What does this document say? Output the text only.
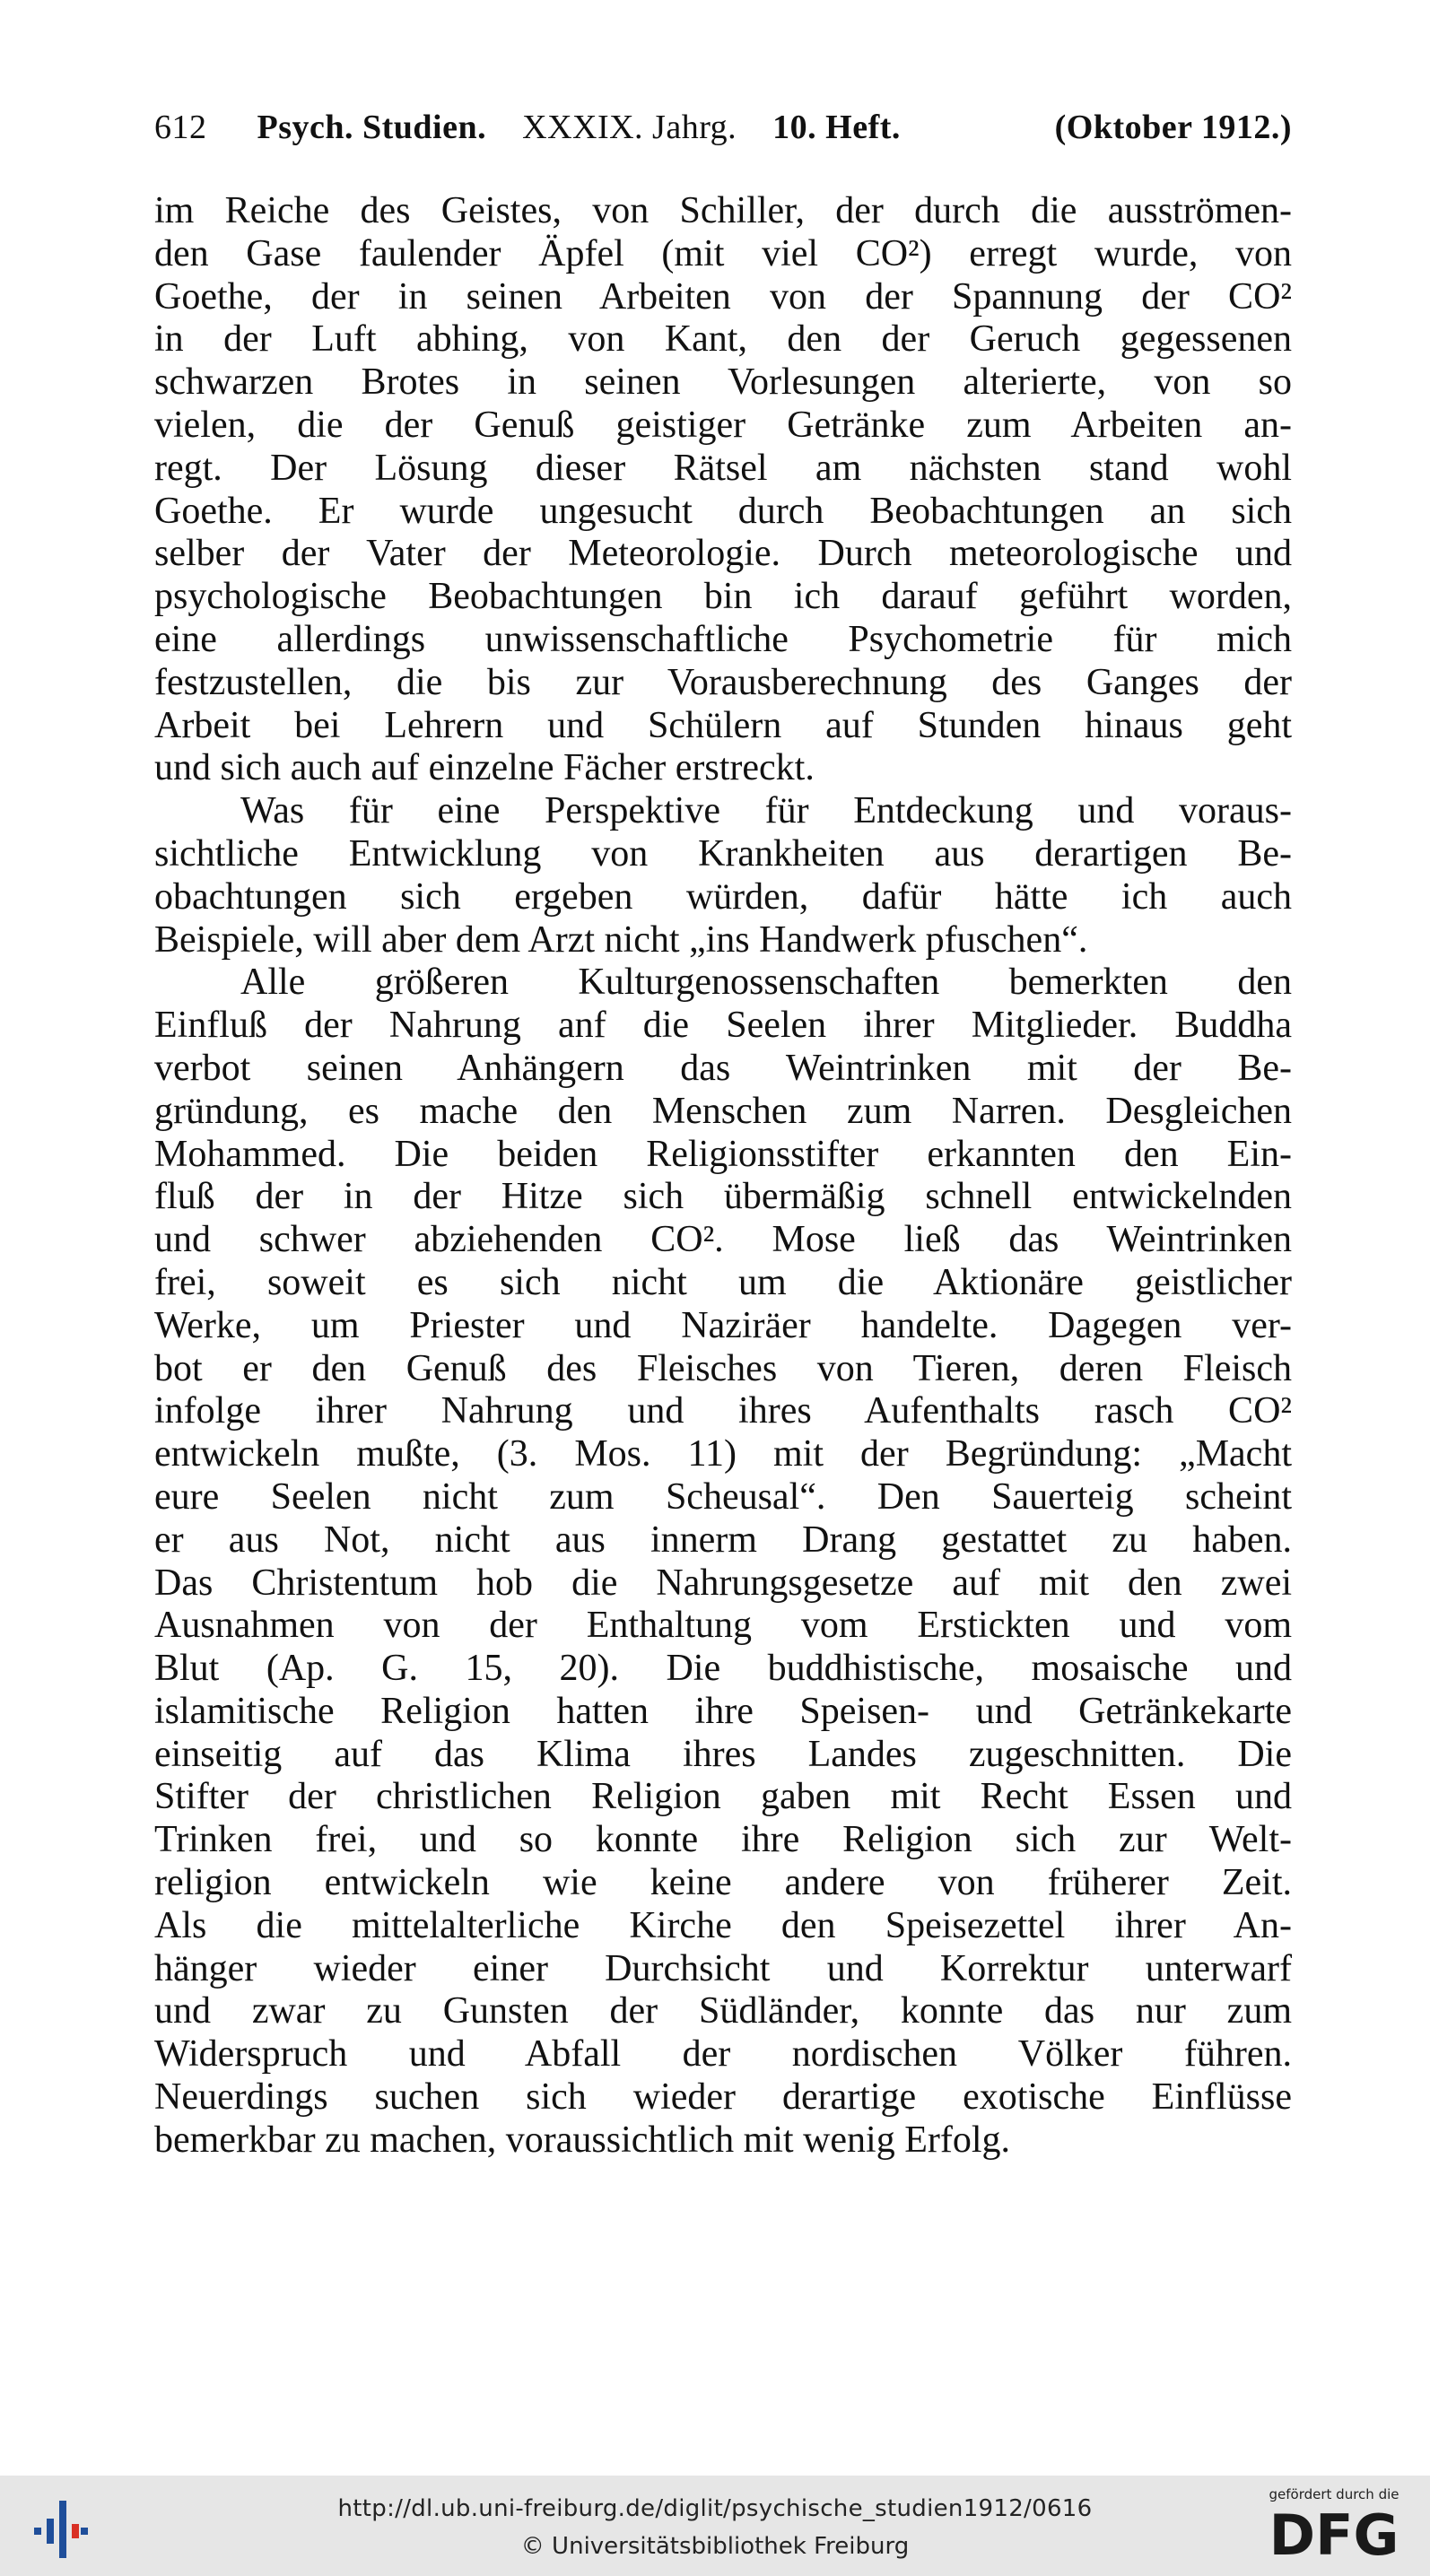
612 Psych. Studien. XXXIX. Jahrg. 10. Heft.	(Oktober 1912.)
im Reiche des Geistes, von Schiller, der durch die ausströmen-
den Gase faulender Äpfel (mit viel CO²) erregt wurde, von
Goethe, der in seinen Arbeiten von der Spannung der CO²
in der Luft abhing, von Kant, den der Geruch gegessenen
schwarzen Brotes in seinen Vorlesungen alterierte, von so
vielen, die der Genuß geistiger Getränke zum Arbeiten an-
regt. Der Lösung dieser Rätsel am nächsten stand wohl
Goethe. Er wurde ungesucht durch Beobachtungen an sich
selber der Vater der Meteorologie. Durch meteorologische und
psychologische Beobachtungen bin ich darauf geführt worden,
eine allerdings unwissenschaftliche Psychometrie für mich
festzustellen, die bis zur Vorausberechnung des Ganges der
Arbeit bei Lehrern und Schülern auf Stunden hinaus geht
und sich auch auf einzelne Fächer erstreckt.
Was für eine Perspektive für Entdeckung und voraus-
sichtliche Entwicklung von Krankheiten aus derartigen Be-
obachtungen sich ergeben würden, dafür hätte ich auch
Beispiele, will aber dem Arzt nicht „ins Handwerk pfuschen“.
Alle größeren Kulturgenossenschaften bemerkten den
Einfluß der Nahrung anf die Seelen ihrer Mitglieder. Buddha
verbot seinen Anhängern das Weintrinken mit der Be-
gründung, es mache den Menschen zum Narren. Desgleichen
Mohammed. Die beiden Religionsstifter erkannten den Ein-
fluß der in der Hitze sich übermäßig schnell entwickelnden
und schwer abziehenden CO². Mose ließ das Weintrinken
frei, soweit es sich nicht um die Aktionäre geistlicher
Werke, um Priester und Naziräer handelte. Dagegen ver-
bot er den Genuß des Fleisches von Tieren, deren Fleisch
infolge ihrer Nahrung und ihres Aufenthalts rasch CO²
entwickeln mußte, (3. Mos. 11) mit der Begründung: „Macht
eure Seelen nicht zum Scheusal“. Den Sauerteig scheint
er aus Not, nicht aus innerm Drang gestattet zu haben.
Das Christentum hob die Nahrungsgesetze auf mit den zwei
Ausnahmen von der Enthaltung vom Erstickten und vom
Blut (Ap. G. 15, 20). Die buddhistische, mosaische und
islamitische Religion hatten ihre Speisen- und Getränkekarte
einseitig auf das Klima ihres Landes zugeschnitten. Die
Stifter der christlichen Religion gaben mit Recht Essen und
Trinken frei, und so konnte ihre Religion sich zur Welt-
religion entwickeln wie keine andere von früherer Zeit.
Als die mittelalterliche Kirche den Speisezettel ihrer An-
hänger wieder einer Durchsicht und Korrektur unterwarf
und zwar zu Gunsten der Südländer, konnte das nur zum
Widerspruch und Abfall der nordischen Völker führen.
Neuerdings suchen sich wieder derartige exotische Einflüsse
bemerkbar zu machen, voraussichtlich mit wenig Erfolg.
http://dl.ub.uni-freiburg.de/diglit/psychische_studien1912/0616
© Universitätsbibliothek Freiburg
gefördert durch die
DFG
